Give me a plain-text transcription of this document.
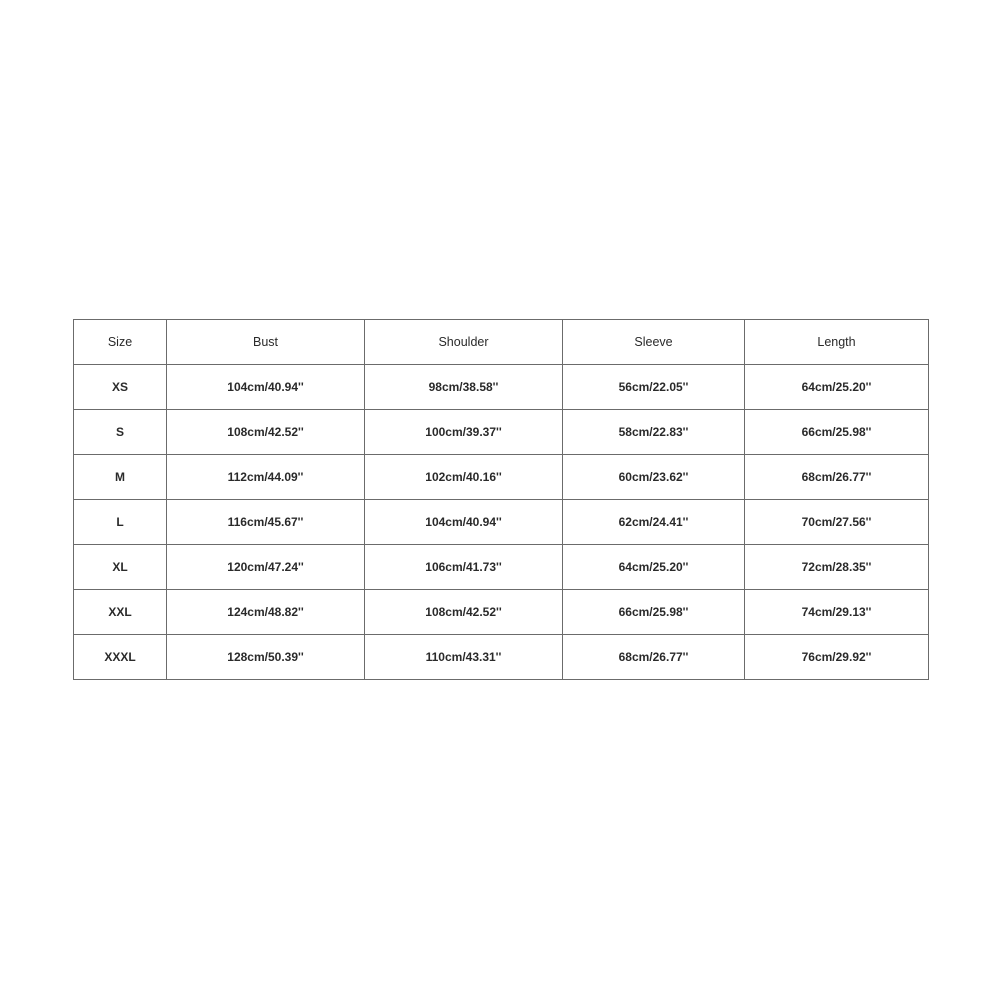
Size	Bust	Shoulder	Sleeve	Length
XS	104cm/40.94''	98cm/38.58''	56cm/22.05''	64cm/25.20''
S	108cm/42.52''	100cm/39.37''	58cm/22.83''	66cm/25.98''
M	112cm/44.09''	102cm/40.16''	60cm/23.62''	68cm/26.77''
L	116cm/45.67''	104cm/40.94''	62cm/24.41''	70cm/27.56''
XL	120cm/47.24''	106cm/41.73''	64cm/25.20''	72cm/28.35''
XXL	124cm/48.82''	108cm/42.52''	66cm/25.98''	74cm/29.13''
XXXL	128cm/50.39''	110cm/43.31''	68cm/26.77''	76cm/29.92''
